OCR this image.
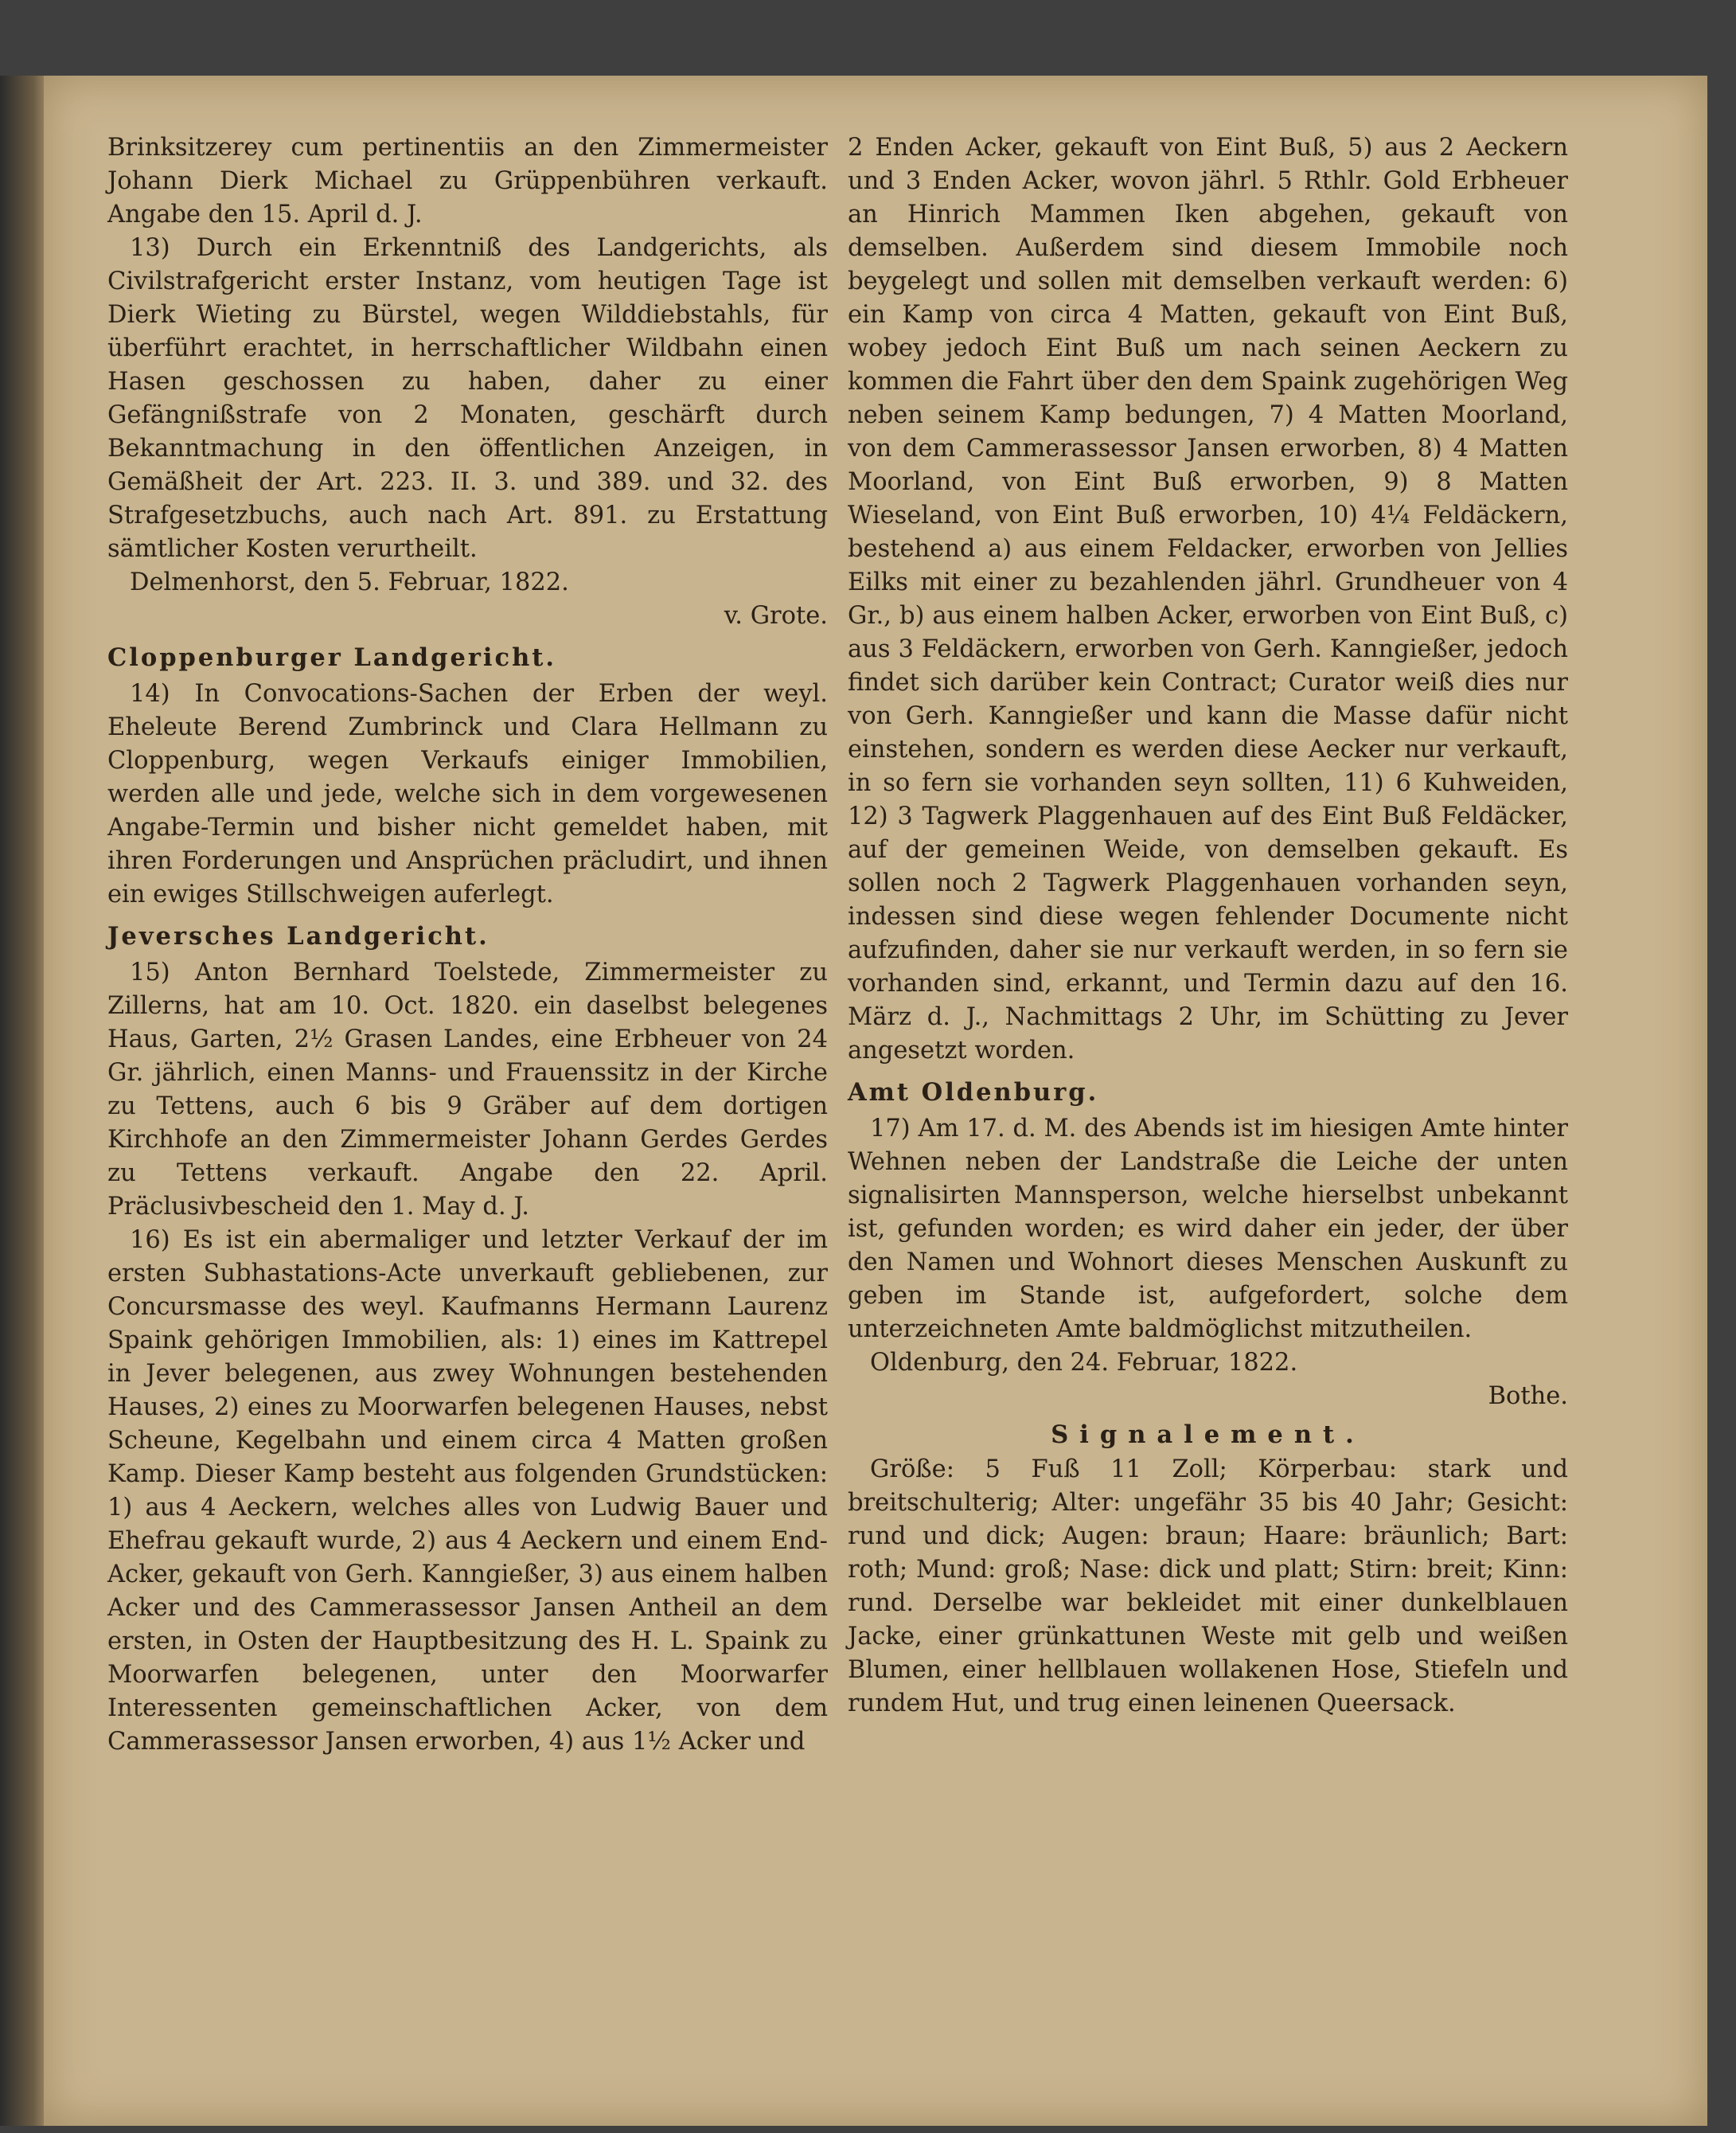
Brinksitzerey cum pertinentiis an den Zimmermeister Johann Dierk Michael zu Grüppenbühren verkauft. Angabe den 15. April d. J.

13) Durch ein Erkenntniß des Landgerichts, als Civilstrafgericht erster Instanz, vom heutigen Tage ist Dierk Wieting zu Bürstel, wegen Wilddiebstahls, für überführt erachtet, in herrschaftlicher Wildbahn einen Hasen geschossen zu haben, daher zu einer Gefängnißstrafe von 2 Monaten, geschärft durch Bekanntmachung in den öffentlichen Anzeigen, in Gemäßheit der Art. 223. II. 3. und 389. und 32. des Strafgesetzbuchs, auch nach Art. 891. zu Erstattung sämtlicher Kosten verurtheilt.

Delmenhorst, den 5. Februar, 1822.

v. Grote.

Cloppenburger Landgericht.

14) In Convocations-Sachen der Erben der weyl. Eheleute Berend Zumbrinck und Clara Hellmann zu Cloppenburg, wegen Verkaufs einiger Immobilien, werden alle und jede, welche sich in dem vorgewesenen Angabe-Termin und bisher nicht gemeldet haben, mit ihren Forderungen und Ansprüchen präcludirt, und ihnen ein ewiges Stillschweigen auferlegt.

Jeversches Landgericht.

15) Anton Bernhard Toelstede, Zimmermeister zu Zillerns, hat am 10. Oct. 1820. ein daselbst belegenes Haus, Garten, 2½ Grasen Landes, eine Erbheuer von 24 Gr. jährlich, einen Manns- und Frauenssitz in der Kirche zu Tettens, auch 6 bis 9 Gräber auf dem dortigen Kirchhofe an den Zimmermeister Johann Gerdes Gerdes zu Tettens verkauft. Angabe den 22. April. Präclusivbescheid den 1. May d. J.

16) Es ist ein abermaliger und letzter Verkauf der im ersten Subhastations-Acte unverkauft gebliebenen, zur Concursmasse des weyl. Kaufmanns Hermann Laurenz Spaink gehörigen Immobilien, als: 1) eines im Kattrepel in Jever belegenen, aus zwey Wohnungen bestehenden Hauses, 2) eines zu Moorwarfen belegenen Hauses, nebst Scheune, Kegelbahn und einem circa 4 Matten großen Kamp. Dieser Kamp besteht aus folgenden Grundstücken: 1) aus 4 Aeckern, welches alles von Ludwig Bauer und Ehefrau gekauft wurde, 2) aus 4 Aeckern und einem End-Acker, gekauft von Gerh. Kanngießer, 3) aus einem halben Acker und des Cammerassessor Jansen Antheil an dem ersten, in Osten der Hauptbesitzung des H. L. Spaink zu Moorwarfen belegenen, unter den Moorwarfer Interessenten gemeinschaftlichen Acker, von dem Cammerassessor Jansen erworben, 4) aus 1½ Acker und

2 Enden Acker, gekauft von Eint Buß, 5) aus 2 Aeckern und 3 Enden Acker, wovon jährl. 5 Rthlr. Gold Erbheuer an Hinrich Mammen Iken abgehen, gekauft von demselben. Außerdem sind diesem Immobile noch beygelegt und sollen mit demselben verkauft werden: 6) ein Kamp von circa 4 Matten, gekauft von Eint Buß, wobey jedoch Eint Buß um nach seinen Aeckern zu kommen die Fahrt über den dem Spaink zugehörigen Weg neben seinem Kamp bedungen, 7) 4 Matten Moorland, von dem Cammerassessor Jansen erworben, 8) 4 Matten Moorland, von Eint Buß erworben, 9) 8 Matten Wieseland, von Eint Buß erworben, 10) 4¼ Feldäckern, bestehend a) aus einem Feldacker, erworben von Jellies Eilks mit einer zu bezahlenden jährl. Grundheuer von 4 Gr., b) aus einem halben Acker, erworben von Eint Buß, c) aus 3 Feldäckern, erworben von Gerh. Kanngießer, jedoch findet sich darüber kein Contract; Curator weiß dies nur von Gerh. Kanngießer und kann die Masse dafür nicht einstehen, sondern es werden diese Aecker nur verkauft, in so fern sie vorhanden seyn sollten, 11) 6 Kuhweiden, 12) 3 Tagwerk Plaggenhauen auf des Eint Buß Feldäcker, auf der gemeinen Weide, von demselben gekauft. Es sollen noch 2 Tagwerk Plaggenhauen vorhanden seyn, indessen sind diese wegen fehlender Documente nicht aufzufinden, daher sie nur verkauft werden, in so fern sie vorhanden sind, erkannt, und Termin dazu auf den 16. März d. J., Nachmittags 2 Uhr, im Schütting zu Jever angesetzt worden.

Amt Oldenburg.

17) Am 17. d. M. des Abends ist im hiesigen Amte hinter Wehnen neben der Landstraße die Leiche der unten signalisirten Mannsperson, welche hierselbst unbekannt ist, gefunden worden; es wird daher ein jeder, der über den Namen und Wohnort dieses Menschen Auskunft zu geben im Stande ist, aufgefordert, solche dem unterzeichneten Amte baldmöglichst mitzutheilen.

Oldenburg, den 24. Februar, 1822.

Bothe.

Signalement.

Größe: 5 Fuß 11 Zoll; Körperbau: stark und breitschulterig; Alter: ungefähr 35 bis 40 Jahr; Gesicht: rund und dick; Augen: braun; Haare: bräunlich; Bart: roth; Mund: groß; Nase: dick und platt; Stirn: breit; Kinn: rund. Derselbe war bekleidet mit einer dunkelblauen Jacke, einer grünkattunen Weste mit gelb und weißen Blumen, einer hellblauen wollakenen Hose, Stiefeln und rundem Hut, und trug einen leinenen Queersack.
